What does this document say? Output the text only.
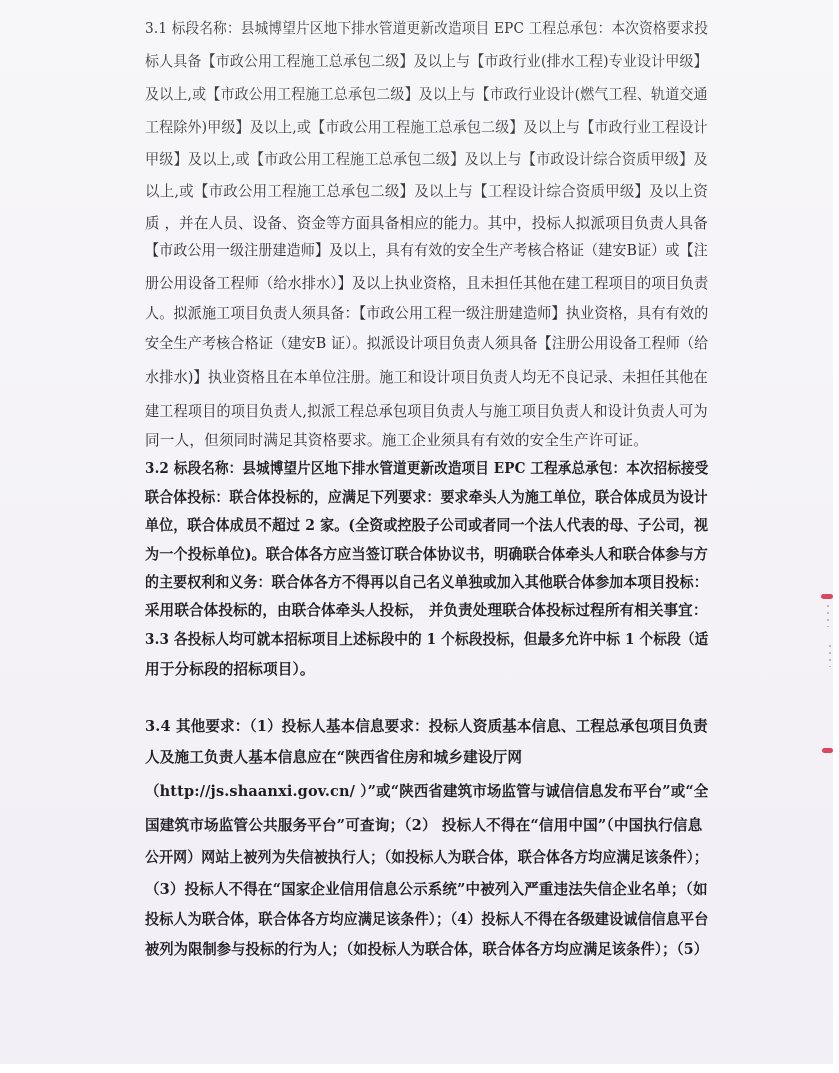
3.1 标段名称：县城博望片区地下排水管道更新改造项目 EPC 工程总承包：本次资格要求投
标人具备【市政公用工程施工总承包二级】及以上与【市政行业(排水工程)专业设计甲级】
及以上,或【市政公用工程施工总承包二级】及以上与【市政行业设计(燃气工程、轨道交通
工程除外)甲级】及以上,或【市政公用工程施工总承包二级】及以上与【市政行业工程设计
甲级】及以上,或【市政公用工程施工总承包二级】及以上与【市政设计综合资质甲级】及
以上,或【市政公用工程施工总承包二级】及以上与【工程设计综合资质甲级】及以上资
质 ，并在人员、设备、资金等方面具备相应的能力。其中，投标人拟派项目负责人具备
【市政公用一级注册建造师】及以上，具有有效的安全生产考核合格证（建安B证）或【注
册公用设备工程师（给水排水）】及以上执业资格，且未担任其他在建工程项目的项目负责
人。拟派施工项目负责人须具备：【市政公用工程一级注册建造师】执业资格，具有有效的
安全生产考核合格证（建安B 证）。拟派设计项目负责人须具备【注册公用设备工程师（给
水排水)】执业资格且在本单位注册。施工和设计项目负责人均无不良记录、未担任其他在
建工程项目的项目负责人,拟派工程总承包项目负责人与施工项目负责人和设计负责人可为
同一人，但须同时满足其资格要求。施工企业须具有有效的安全生产许可证。
3.2 标段名称：县城博望片区地下排水管道更新改造项目 EPC 工程承总承包：本次招标接受
联合体投标：联合体投标的，应满足下列要求：要求牵头人为施工单位，联合体成员为设计
单位，联合体成员不超过 2 家。(全资或控股子公司或者同一个法人代表的母、子公司，视
为一个投标单位)。联合体各方应当签订联合体协议书，明确联合体牵头人和联合体参与方
的主要权利和义务：联合体各方不得再以自己名义单独或加入其他联合体参加本项目投标：
采用联合体投标的，由联合体牵头人投标， 并负责处理联合体投标过程所有相关事宜：
3.3 各投标人均可就本招标项目上述标段中的 1 个标段投标，但最多允许中标 1 个标段（适
用于分标段的招标项目）。
3.4 其他要求：（1）投标人基本信息要求：投标人资质基本信息、工程总承包项目负责
人及施工负责人基本信息应在“陕西省住房和城乡建设厅网
（http://js.shaanxi.gov.cn/ ）”或“陕西省建筑市场监管与诚信信息发布平台”或“全
国建筑市场监管公共服务平台”可查询；（2） 投标人不得在“信用中国”（中国执行信息
公开网）网站上被列为失信被执行人；（如投标人为联合体，联合体各方均应满足该条件）；
（3）投标人不得在“国家企业信用信息公示系统”中被列入严重违法失信企业名单；（如
投标人为联合体，联合体各方均应满足该条件）；（4）投标人不得在各级建设诚信信息平台
被列为限制参与投标的行为人；（如投标人为联合体，联合体各方均应满足该条件）；（5）
